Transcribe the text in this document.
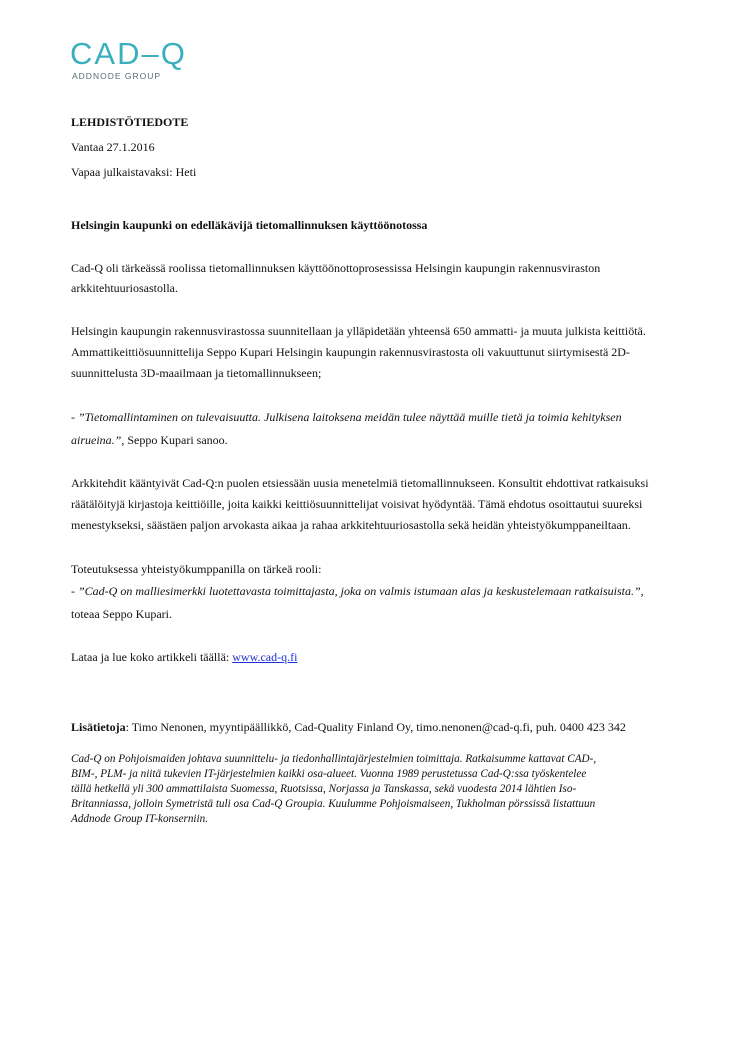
CAD–Q
ADDNODE GROUP
LEHDISTÖTIEDOTE
Vantaa 27.1.2016
Vapaa julkaistavaksi: Heti
Helsingin kaupunki on edelläkävijä tietomallinnuksen käyttöönotossa
Cad-Q oli tärkeässä roolissa tietomallinnuksen käyttöönottoprosessissa Helsingin kaupungin rakennusviraston
arkkitehtuuriosastolla.
Helsingin kaupungin rakennusvirastossa suunnitellaan ja ylläpidetään yhteensä 650 ammatti- ja muuta julkista keittiötä.
Ammattikeittiösuunnittelija Seppo Kupari Helsingin kaupungin rakennusvirastosta oli vakuuttunut siirtymisestä 2D-
suunnittelusta 3D-maailmaan ja tietomallinnukseen;
- ”Tietomallintaminen on tulevaisuutta. Julkisena laitoksena meidän tulee näyttää muille tietä ja toimia kehityksen
airueina.”, Seppo Kupari sanoo.
Arkkitehdit kääntyivät Cad-Q:n puolen etsiessään uusia menetelmiä tietomallinnukseen. Konsultit ehdottivat ratkaisuksi
räätälöityjä kirjastoja keittiöille, joita kaikki keittiösuunnittelijat voisivat hyödyntää. Tämä ehdotus osoittautui suureksi
menestykseksi, säästäen paljon arvokasta aikaa ja rahaa arkkitehtuuriosastolla sekä heidän yhteistyökumppaneiltaan.
Toteutuksessa yhteistyökumppanilla on tärkeä rooli:
- ”Cad-Q on malliesimerkki luotettavasta toimittajasta, joka on valmis istumaan alas ja keskustelemaan ratkaisuista.”,
toteaa Seppo Kupari.
Lataa ja lue koko artikkeli täällä: www.cad-q.fi
Lisätietoja: Timo Nenonen, myyntipäällikkö, Cad-Quality Finland Oy, timo.nenonen@cad-q.fi, puh. 0400 423 342
Cad-Q on Pohjoismaiden johtava suunnittelu- ja tiedonhallintajärjestelmien toimittaja. Ratkaisumme kattavat CAD-,
BIM-, PLM- ja niitä tukevien IT-järjestelmien kaikki osa-alueet. Vuonna 1989 perustetussa Cad-Q:ssa työskentelee
tällä hetkellä yli 300 ammattilaista Suomessa, Ruotsissa, Norjassa ja Tanskassa, sekä vuodesta 2014 lähtien Iso-
Britanniassa, jolloin Symetristä tuli osa Cad-Q Groupia. Kuulumme Pohjoismaiseen, Tukholman pörssissä listattuun
Addnode Group IT-konserniin.
